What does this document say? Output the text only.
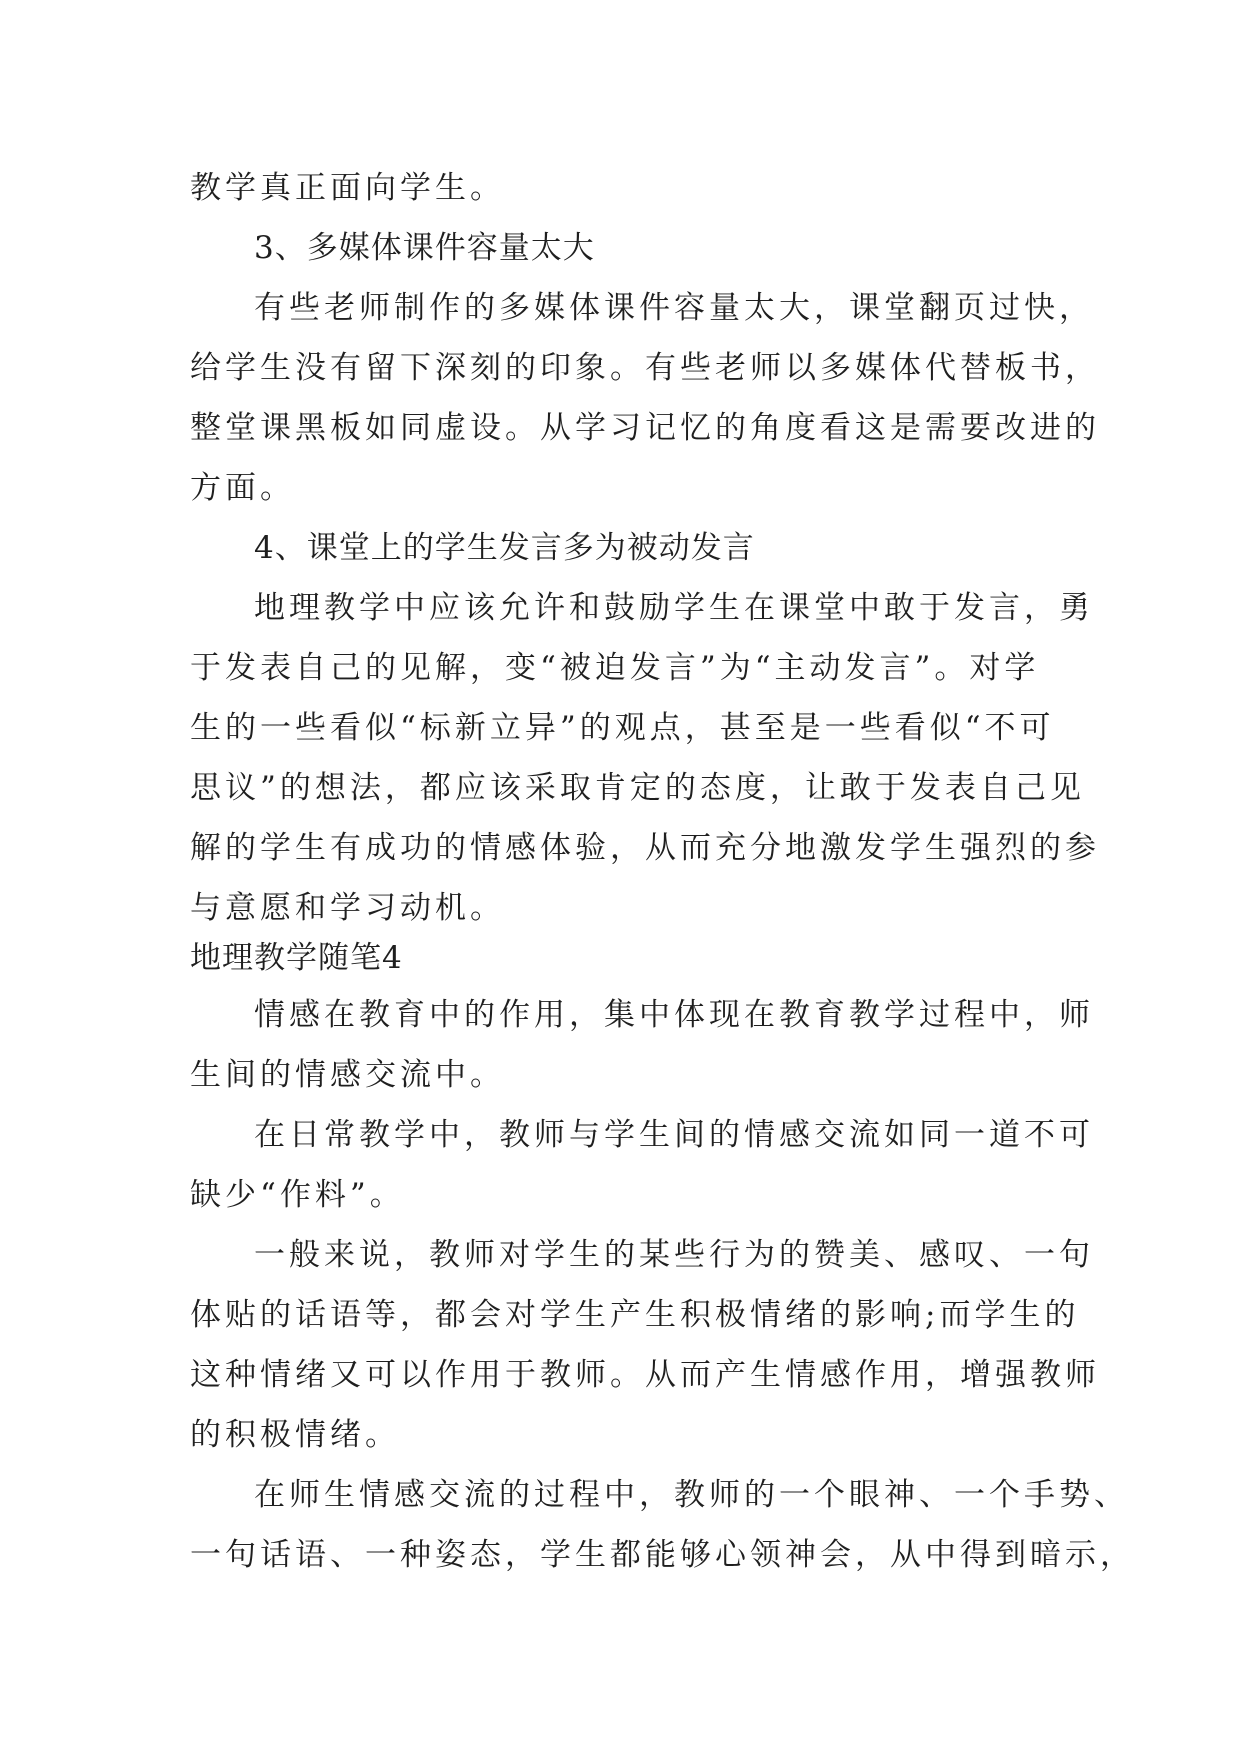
教学真正面向学生。
3、多媒体课件容量太大
有些老师制作的多媒体课件容量太大，课堂翻页过快，
给学生没有留下深刻的印象。有些老师以多媒体代替板书，
整堂课黑板如同虚设。从学习记忆的角度看这是需要改进的
方面。
4、课堂上的学生发言多为被动发言
地理教学中应该允许和鼓励学生在课堂中敢于发言，勇
于发表自己的见解，变“被迫发言”为“主动发言”。对学
生的一些看似“标新立异”的观点，甚至是一些看似“不可
思议”的想法，都应该采取肯定的态度，让敢于发表自己见
解的学生有成功的情感体验，从而充分地激发学生强烈的参
与意愿和学习动机。
地理教学随笔4
情感在教育中的作用，集中体现在教育教学过程中，师
生间的情感交流中。
在日常教学中，教师与学生间的情感交流如同一道不可
缺少“作料”。
一般来说，教师对学生的某些行为的赞美、感叹、一句
体贴的话语等，都会对学生产生积极情绪的影响;而学生的
这种情绪又可以作用于教师。从而产生情感作用，增强教师
的积极情绪。
在师生情感交流的过程中，教师的一个眼神、一个手势、
一句话语、一种姿态，学生都能够心领神会，从中得到暗示，
